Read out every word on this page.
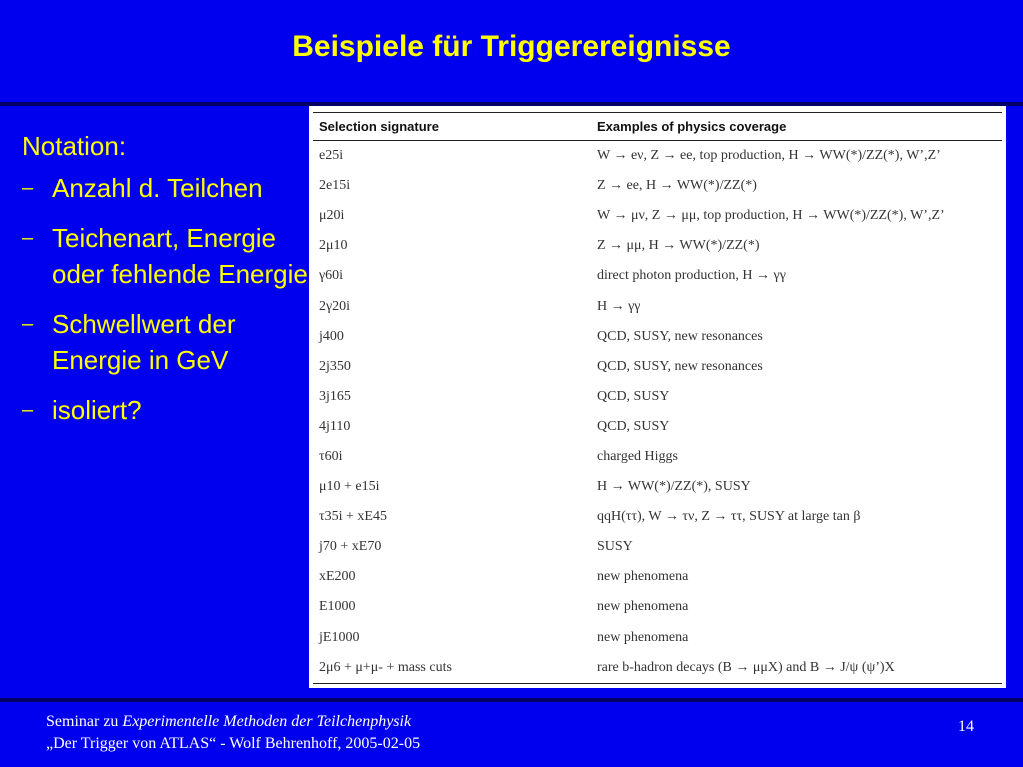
Beispiele für Triggerereignisse
Notation:
– Anzahl d. Teilchen
– Teichenart, Energie oder fehlende Energie
– Schwellwert der Energie in GeV
– isoliert?
Selection signature	Examples of physics coverage
e25i	W → eν, Z → ee, top production, H → WW(*)/ZZ(*), W’,Z’
2e15i	Z → ee, H → WW(*)/ZZ(*)
μ20i	W → μν, Z → μμ, top production, H → WW(*)/ZZ(*), W’,Z’
2μ10	Z → μμ, H → WW(*)/ZZ(*)
γ60i	direct photon production, H → γγ
2γ20i	H → γγ
j400	QCD, SUSY, new resonances
2j350	QCD, SUSY, new resonances
3j165	QCD, SUSY
4j110	QCD, SUSY
τ60i	charged Higgs
μ10 + e15i	H → WW(*)/ZZ(*), SUSY
τ35i + xE45	qqH(ττ), W → τν, Z → ττ, SUSY at large tan β
j70 + xE70	SUSY
xE200	new phenomena
E1000	new phenomena
jE1000	new phenomena
2μ6 + μ+μ- + mass cuts	rare b-hadron decays (B → μμX) and B → J/ψ (ψ’)X
Seminar zu Experimentelle Methoden der Teilchenphysik
„Der Trigger von ATLAS“ - Wolf Behrenhoff, 2005-02-05
14
